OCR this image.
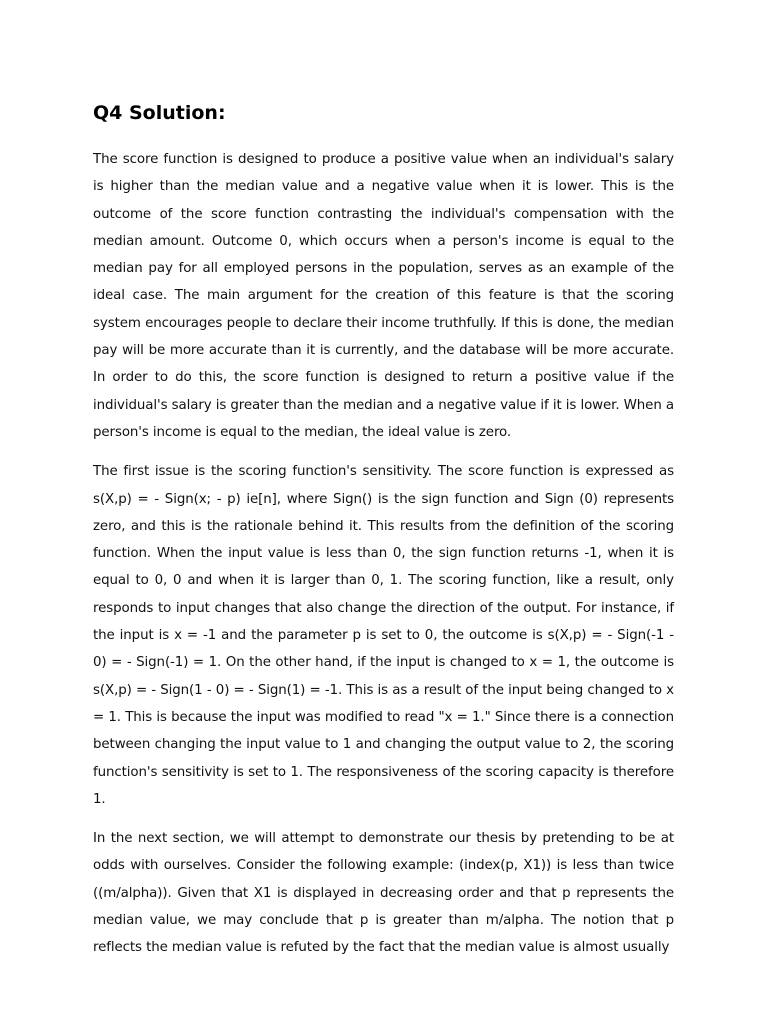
Q4 Solution:

The score function is designed to produce a positive value when an individual's salary is higher than the median value and a negative value when it is lower. This is the outcome of the score function contrasting the individual's compensation with the median amount. Outcome 0, which occurs when a person's income is equal to the median pay for all employed persons in the population, serves as an example of the ideal case. The main argument for the creation of this feature is that the scoring system encourages people to declare their income truthfully. If this is done, the median pay will be more accurate than it is currently, and the database will be more accurate. In order to do this, the score function is designed to return a positive value if the individual's salary is greater than the median and a negative value if it is lower. When a person's income is equal to the median, the ideal value is zero.

The first issue is the scoring function's sensitivity. The score function is expressed as s(X,p) = - Sign(x; - p) ie[n], where Sign() is the sign function and Sign (0) represents zero, and this is the rationale behind it. This results from the definition of the scoring function. When the input value is less than 0, the sign function returns -1, when it is equal to 0, 0 and when it is larger than 0, 1. The scoring function, like a result, only responds to input changes that also change the direction of the output. For instance, if the input is x = -1 and the parameter p is set to 0, the outcome is s(X,p) = - Sign(-1 - 0) = - Sign(-1) = 1. On the other hand, if the input is changed to x = 1, the outcome is s(X,p) = - Sign(1 - 0) = - Sign(1) = -1. This is as a result of the input being changed to x = 1. This is because the input was modified to read "x = 1." Since there is a connection between changing the input value to 1 and changing the output value to 2, the scoring function's sensitivity is set to 1. The responsiveness of the scoring capacity is therefore 1.

In the next section, we will attempt to demonstrate our thesis by pretending to be at odds with ourselves. Consider the following example: (index(p, X1)) is less than twice ((m/alpha)). Given that X1 is displayed in decreasing order and that p represents the median value, we may conclude that p is greater than m/alpha. The notion that p reflects the median value is refuted by the fact that the median value is almost usually
